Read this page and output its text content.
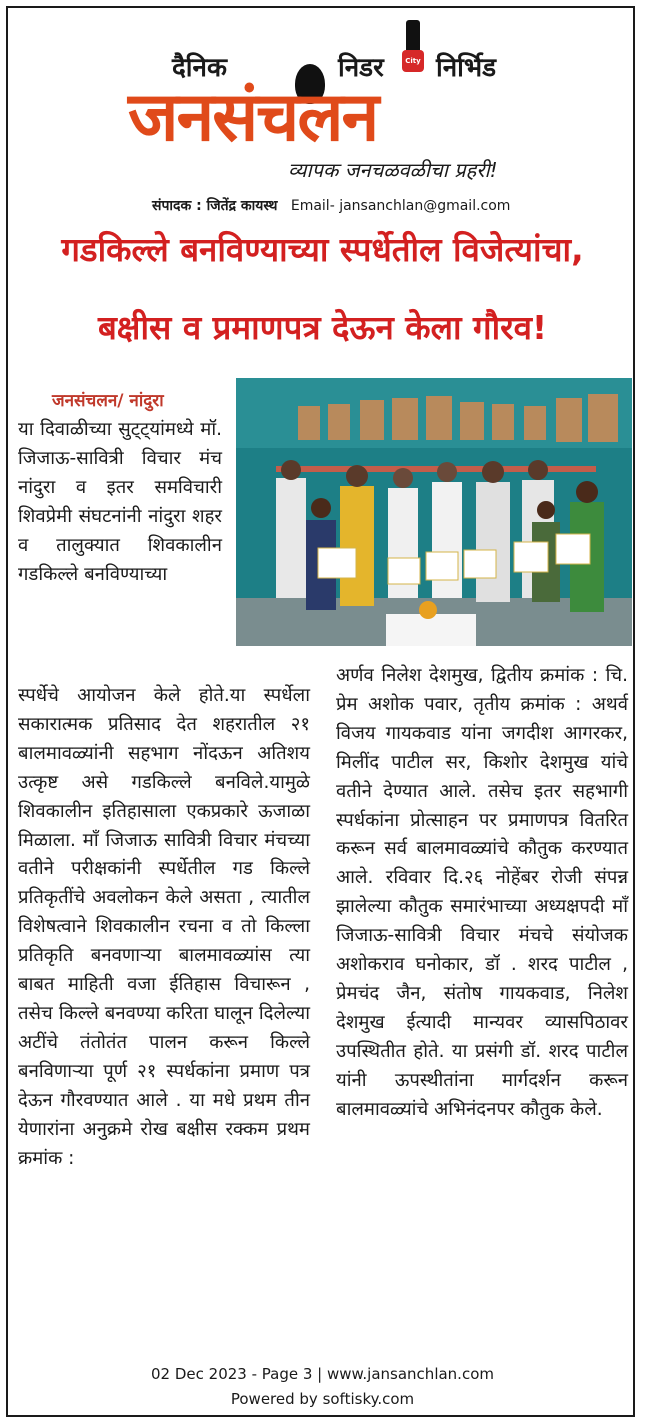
दैनिक	निडर निर्भिड
City
जनसंचलन
व्यापक जनचळवळीचा प्रहरी!
संपादक : जितेंद्र कायस्थ Email- jansanchlan@gmail.com
गडकिल्ले बनविण्याच्या स्पर्धेतील विजेत्यांचा,
बक्षीस व प्रमाणपत्र देऊन केला गौरव!
जनसंचलन/ नांदुरा
या दिवाळीच्या सुट्ट्यांमध्ये मॉ. जिजाऊ-सावित्री विचार मंच नांदुरा व इतर समविचारी शिवप्रेमी संघटनांनी नांदुरा शहर व तालुक्यात शिवकालीन गडकिल्ले बनविण्याच्या
स्पर्धेचे आयोजन केले होते.या स्पर्धेला सकारात्मक प्रतिसाद देत शहरातील २१ बालमावळ्यांनी सहभाग नोंदऊन अतिशय उत्कृष्ट असे गडकिल्ले बनविले.यामुळे शिवकालीन इतिहासाला एकप्रकारे ऊजाळा मिळाला. माँ जिजाऊ सावित्री विचार मंचच्या वतीने परीक्षकांनी स्पर्धेतील गड किल्ले प्रतिकृतींचे अवलोकन केले असता , त्यातील विशेषत्वाने शिवकालीन रचना व तो किल्ला प्रतिकृति बनवणाऱ्या बालमावळ्यांस त्या बाबत माहिती वजा ईतिहास विचारून , तसेच किल्ले बनवण्या करिता घालून दिलेल्या अटींचे तंतोतंत पालन करून किल्ले बनविणाऱ्या पूर्ण २१ स्पर्धकांना प्रमाण पत्र देऊन गौरवण्यात आले . या मधे प्रथम तीन येणारांना अनुक्रमे रोख बक्षीस रक्कम प्रथम क्रमांक :
अर्णव निलेश देशमुख, द्वितीय क्रमांक : चि. प्रेम अशोक पवार, तृतीय क्रमांक : अथर्व विजय गायकवाड यांना जगदीश आगरकर, मिलींद पाटील सर, किशोर देशमुख यांचे वतीने देण्यात आले. तसेच इतर सहभागी स्पर्धकांना प्रोत्साहन पर प्रमाणपत्र वितरित करून सर्व बालमावळ्यांचे कौतुक करण्यात आले. रविवार दि.२६ नोहेंबर रोजी संपन्न झालेल्या कौतुक समारंभाच्या अध्यक्षपदी माँ जिजाऊ-सावित्री विचार मंचचे संयोजक अशोकराव घनोकार, डॉ . शरद पाटील , प्रेमचंद जैन, संतोष गायकवाड, निलेश देशमुख ईत्यादी मान्यवर व्यासपिठावर उपस्थितीत होते. या प्रसंगी डॉ. शरद पाटील यांनी ऊपस्थीतांना मार्गदर्शन करून बालमावळ्यांचे अभिनंदनपर कौतुक केले.
02 Dec 2023 - Page 3 | www.jansanchlan.com
Powered by softisky.com
